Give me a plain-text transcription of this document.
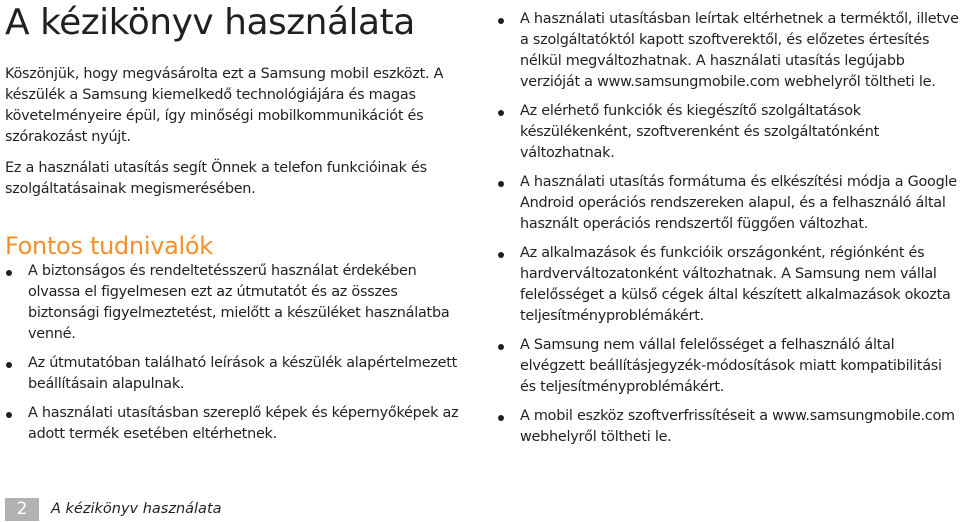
A kézikönyv használata

Köszönjük, hogy megvásárolta ezt a Samsung mobil eszközt. A készülék a Samsung kiemelkedő technológiájára és magas követelményeire épül, így minőségi mobilkommunikációt és szórakozást nyújt.

Ez a használati utasítás segít Önnek a telefon funkcióinak és szolgáltatásainak megismerésében.

Fontos tudnivalók
A biztonságos és rendeltetésszerű használat érdekében olvassa el figyelmesen ezt az útmutatót és az összes biztonsági figyelmeztetést, mielőtt a készüléket használatba venné.
Az útmutatóban található leírások a készülék alapértelmezett beállításain alapulnak.
A használati utasításban szereplő képek és képernyőképek az adott termék esetében eltérhetnek.
A használati utasításban leírtak eltérhetnek a terméktől, illetve a szolgáltatóktól kapott szoftverektől, és előzetes értesítés nélkül megváltozhatnak. A használati utasítás legújabb verzióját a www.samsungmobile.com webhelyről töltheti le.
Az elérhető funkciók és kiegészítő szolgáltatások készülékenként, szoftverenként és szolgáltatónként változhatnak.
A használati utasítás formátuma és elkészítési módja a Google Android operációs rendszereken alapul, és a felhasználó által használt operációs rendszertől függően változhat.
Az alkalmazások és funkcióik országonként, régiónként és hardverváltozatonként változhatnak. A Samsung nem vállal felelősséget a külső cégek által készített alkalmazások okozta teljesítményproblémákért.
A Samsung nem vállal felelősséget a felhasználó által elvégzett beállításjegyzék-módosítások miatt kompatibilitási és teljesítményproblémákért.
A mobil eszköz szoftverfrissítéseit a www.samsungmobile.com webhelyről töltheti le.
2	A kézikönyv használata
